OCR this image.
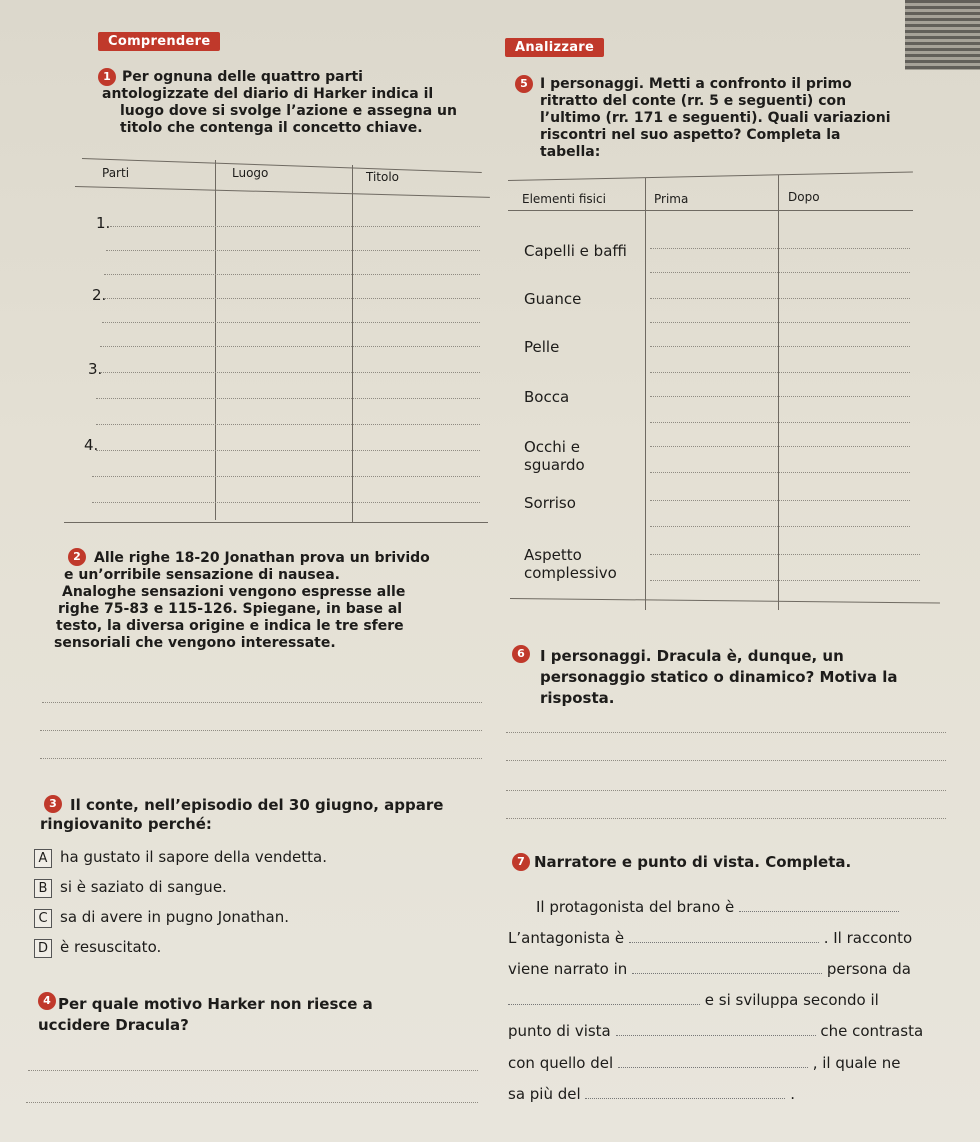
Comprendere	Analizzare
1 Per ognuna delle quattro parti
antologizzate del diario di Harker indica il
luogo dove si svolge l’azione e assegna un
titolo che contenga il concetto chiave.
Parti	Luogo	Titolo
1.
2.
3.
4.
2 Alle righe 18-20 Jonathan prova un brivido
e un’orribile sensazione di nausea.
Analoghe sensazioni vengono espresse alle
righe 75-83 e 115-126. Spiegane, in base al
testo, la diversa origine e indica le tre sfere
sensoriali che vengono interessate.
3 Il conte, nell’episodio del 30 giugno, appare
ringiovanito perché:
A ha gustato il sapore della vendetta.
B si è saziato di sangue.
C sa di avere in pugno Jonathan.
D è resuscitato.
4 Per quale motivo Harker non riesce a
uccidere Dracula?
5 I personaggi. Metti a confronto il primo
ritratto del conte (rr. 5 e seguenti) con
l’ultimo (rr. 171 e seguenti). Quali variazioni
riscontri nel suo aspetto? Completa la
tabella:
Elementi fisici	Prima	Dopo
Capelli e baffi
Guance
Pelle
Bocca
Occhi e
sguardo
Sorriso
Aspetto
complessivo
6	I personaggi. Dracula è, dunque, un
personaggio statico o dinamico? Motiva la
risposta.
7 Narratore e punto di vista. Completa.
Il protagonista del brano è
L’antagonista è	. Il racconto
viene narrato in	persona da
e si sviluppa secondo il
punto di vista	che contrasta
con quello del	, il quale ne
sa più del	.
